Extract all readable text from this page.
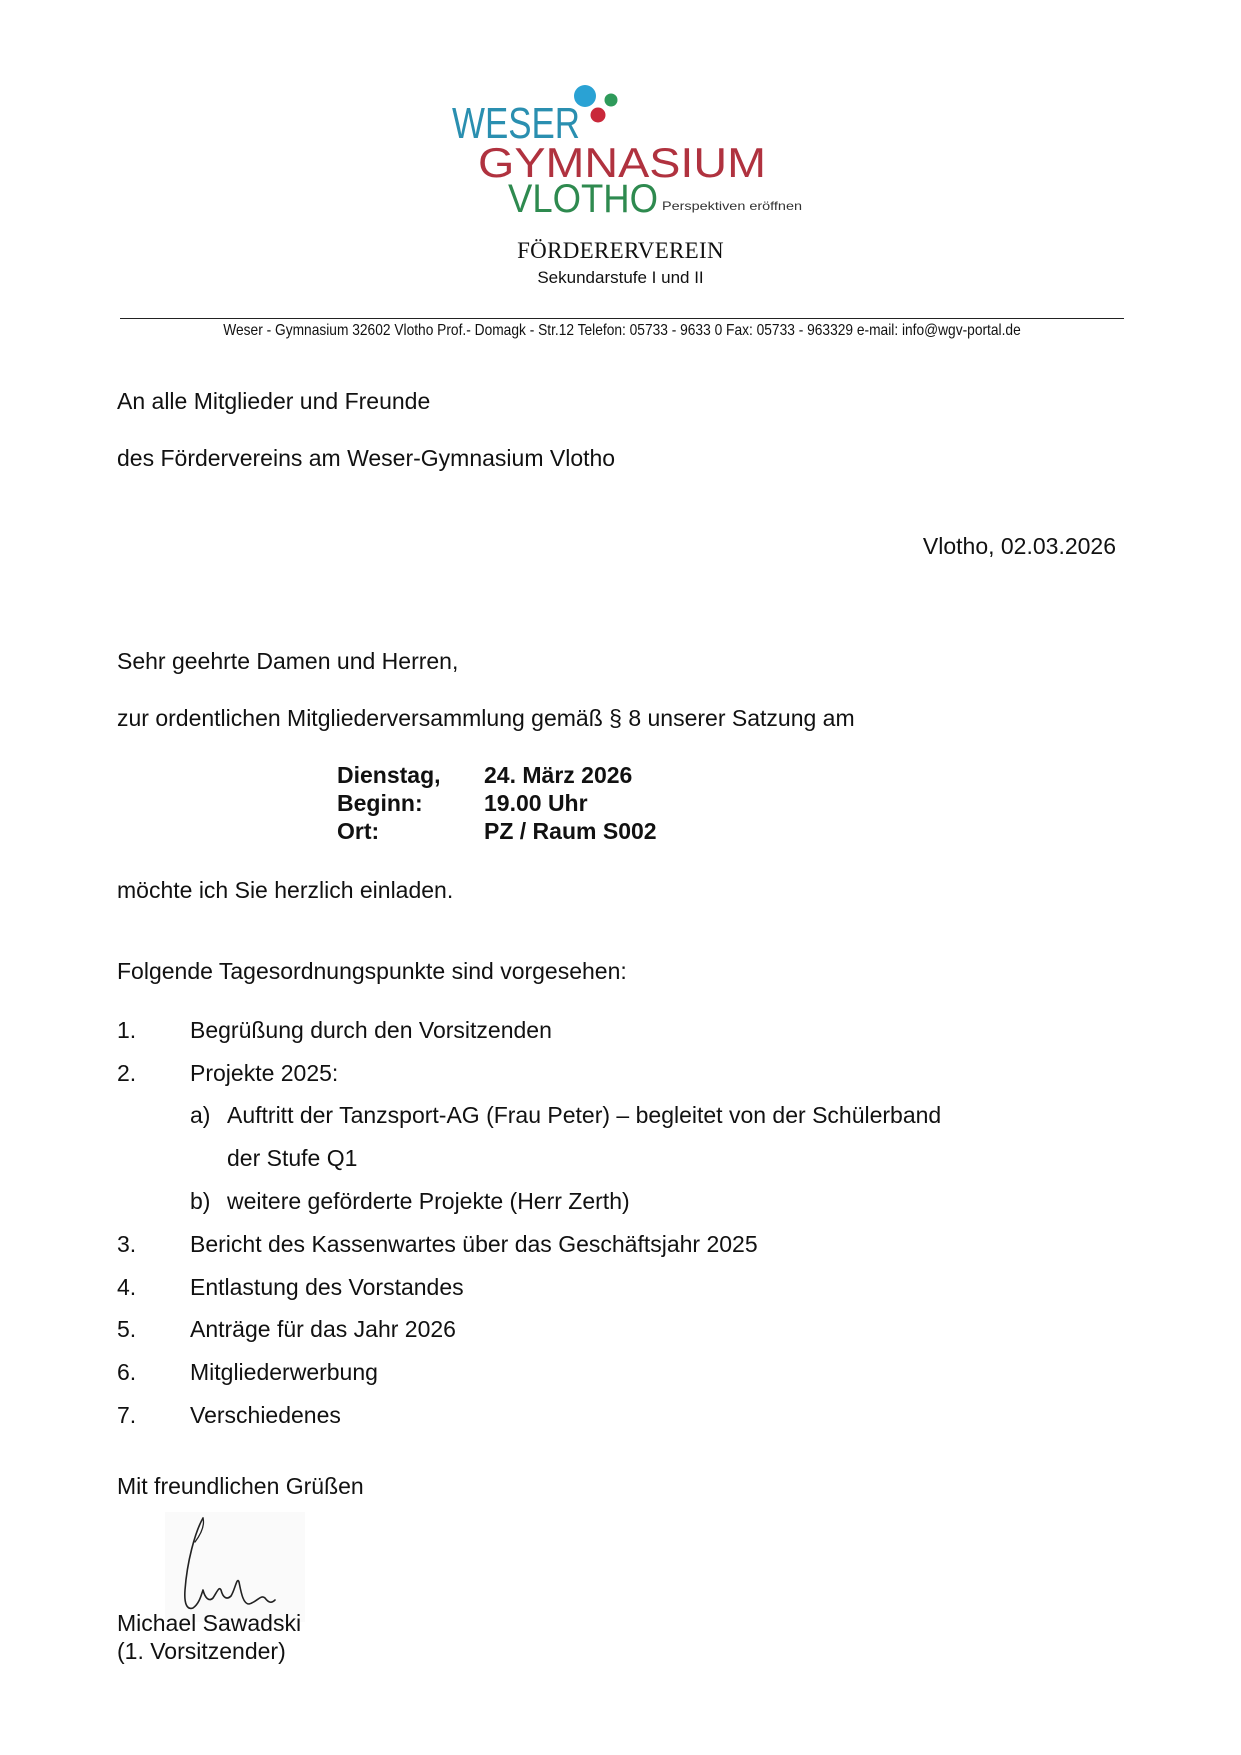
WESER
GYMNASIUM
VLOTHO Perspektiven eröffnen
FÖRDERERVEREIN
Sekundarstufe I und II
Weser - Gymnasium 32602 Vlotho Prof.- Domagk - Str.12 Telefon: 05733 - 9633 0 Fax: 05733 - 963329 e-mail: info@wgv-portal.de
An alle Mitglieder und Freunde
des Fördervereins am Weser-Gymnasium Vlotho
Vlotho, 02.03.2026
Sehr geehrte Damen und Herren,
zur ordentlichen Mitgliederversammlung gemäß § 8 unserer Satzung am
Dienstag, 24. März 2026
Beginn:	19.00 Uhr
Ort:	PZ / Raum S002
möchte ich Sie herzlich einladen.
Folgende Tagesordnungspunkte sind vorgesehen:
1. Begrüßung durch den Vorsitzenden
2. Projekte 2025:
a) Auftritt der Tanzsport-AG (Frau Peter) – begleitet von der Schülerband
der Stufe Q1
b) weitere geförderte Projekte (Herr Zerth)
3. Bericht des Kassenwartes über das Geschäftsjahr 2025
4. Entlastung des Vorstandes
5. Anträge für das Jahr 2026
6. Mitgliederwerbung
7. Verschiedenes
Mit freundlichen Grüßen
Michael Sawadski
(1. Vorsitzender)
